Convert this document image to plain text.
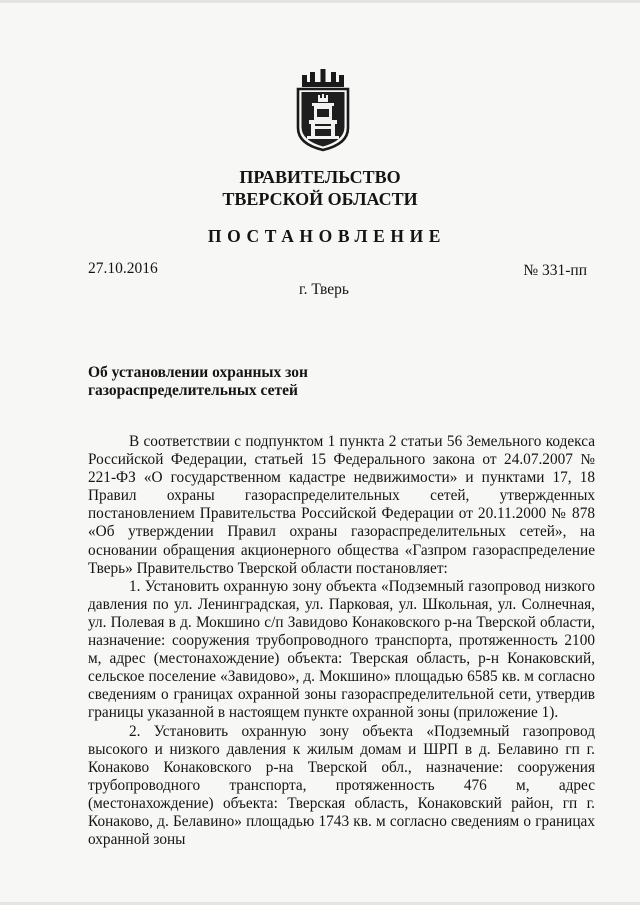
ПРАВИТЕЛЬСТВО
ТВЕРСКОЙ ОБЛАСТИ
ПОСТАНОВЛЕНИЕ
27.10.2016	№ 331-пп
г. Тверь
Об установлении охранных зон
газораспределительных сетей

В соответствии с подпунктом 1 пункта 2 статьи 56 Земельного кодекса Российской Федерации, статьей 15 Федерального закона от 24.07.2007 № 221-ФЗ «О государственном кадастре недвижимости» и пунктами 17, 18 Правил охраны газораспределительных сетей, утвержденных постановлением Правительства Российской Федерации от 20.11.2000 № 878 «Об утверждении Правил охраны газораспределительных сетей», на основании обращения акционерного общества «Газпром газораспределение Тверь» Правительство Тверской области постановляет:

1. Установить охранную зону объекта «Подземный газопровод низкого давления по ул. Ленинградская, ул. Парковая, ул. Школьная, ул. Солнечная, ул. Полевая в д. Мокшино с/п Завидово Конаковского р-на Тверской области, назначение: сооружения трубопроводного транспорта, протяженность 2100 м, адрес (местонахождение) объекта: Тверская область, р-н Конаковский, сельское поселение «Завидово», д. Мокшино» площадью 6585 кв. м согласно сведениям о границах охранной зоны газораспределительной сети, утвердив границы указанной в настоящем пункте охранной зоны (приложение 1).

2. Установить охранную зону объекта «Подземный газопровод высокого и низкого давления к жилым домам и ШРП в д. Белавино гп г. Конаково Конаковского р-на Тверской обл., назначение: сооружения трубопроводного транспорта, протяженность 476 м, адрес (местонахождение) объекта: Тверская область, Конаковский район, гп г. Конаково, д. Белавино» площадью 1743 кв. м согласно сведениям о границах охранной зоны
